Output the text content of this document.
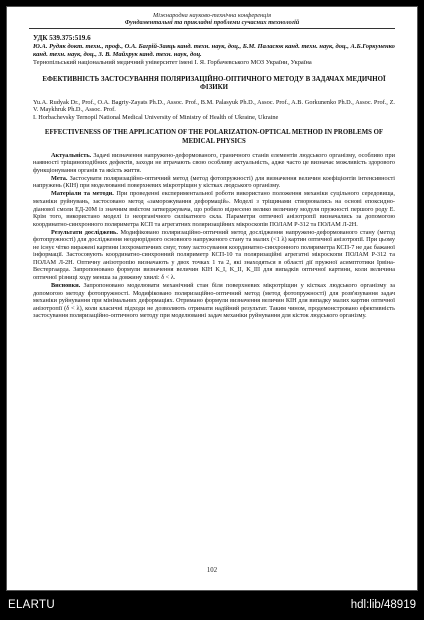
Міжнародна науково-технічна конференція
Фундаментальні та прикладні проблеми сучасних технологій
УДК 539.375:519.6

Ю.А. Рудяк докт. техн., проф., О.А. Багрій-Заяць канд. техн. наук, доц., Б.М. Паласюк канд. техн. наук, доц., А.Б.Горкуненко канд. техн. наук, доц., З. В. Майхрук канд. техн. наук, доц.

Тернопільський національний медичний університет імені І. Я. Горбачевського МОЗ України, Україна

ЕФЕКТИВНІСТЬ ЗАСТОСУВАННЯ ПОЛЯРИЗАЦІЙНО-ОПТИЧНОГО МЕТОДУ В ЗАДАЧАХ МЕДИЧНОЇ ФІЗИКИ

Yu.A. Rudyak Dr., Prof., O.A. Bagriy-Zayats Ph.D., Assoc. Prof., B.M. Palasyuk Ph.D., Assoc. Prof., A.B. Gorkunenko Ph.D., Assoc. Prof., Z. V. Maykhruk Ph.D., Assoc. Prof.

I. Horbachevsky Ternopil National Medical University of Ministry of Health of Ukraine, Ukraine

EFFECTIVENESS OF THE APPLICATION OF THE POLARIZATION-OPTICAL METHOD IN PROBLEMS OF MEDICAL PHYSICS

Актуальність. Задачі визначення напружено-деформованого, граничного станів елементів людського організму, особливо при наявності тріщиноподібних дефектів, заходи не втрачають свою особливу актуальність, адже часто це визначає можливість здорового функціонування органів та якість життя.

Мета. Застосувати поляризаційно-оптичний метод (метод фотопружності) для визначення величин коефіцієнтів інтенсивності напружень (КІН) при моделюванні поверхневих мікротріщин у кістках людського організму.

Матеріали та методи. При проведенні експериментальної роботи використано положення механіки суцільного середовища, механіки руйнувань, застосовано метод «заморожування деформацій». Моделі з тріщинами створювались на основі епоксидно-діанової смоли ЕД-20М із значним вмістом затверджувача, що робило віднесено велико величину модуля пружності першого роду E. Крім того, використано моделі із неорганічного силікатного скла. Параметри оптичної анізотропії визначались за допомогою координатно-синхронного поляриметра КСП та агрегатних поляризаційних мікроскопів ПОЛАМ Р-312 та ПОЛАМ Л-2Н.

Результати досліджень. Модифіковано поляризаційно-оптичний метод дослідження напружено-деформованого стану (метод фотопружності) для дослідження неоднорідного основного напруженого стану та малих (<1 λ) картин оптичної анізотропії. При цьому не існує чітко виражені картини ізохроматичних смуг, тому застосування координатно-синхронного поляриметра КСП-7 не дає бажаної інформації. Застосовують координатно-синхронний поляриметр КСП-10 та поляризаційні агрегатні мікроскопи ПОЛАМ Р-312 та ПОЛАМ Л-2Н. Оптичну анізотропію визначають у двох точках 1 та 2, які знаходяться в області дії пружної асимптотики Ірвіна-Вестергаарда. Запропоновано формули визначення величин КІН K_I, K_II, K_III для випадків оптичної картини, коли величина оптичної різниці ходу менша за довжину хвилі: δ < λ.

Висновки. Запропоновано моделювати механічний стан біля поверхневих мікротріщин у кістках людського організму за допомогою методу фотопружності. Модифіковано поляризаційно-оптичний метод (метод фотопружності) для розв'язування задач механіки руйнування при мінімальних деформаціях. Отримано формули визначення величин КІН для випадку малих картин оптичної анізотропії (δ < λ), коли класичні підходи не дозволяють отримати надійний результат. Таким чином, продемонстровано ефективність застосування поляризаційно-оптичного методу при моделюванні задач механіки руйнування для кісток людського організму.

102
ELARTU	hdl:lib/48919
